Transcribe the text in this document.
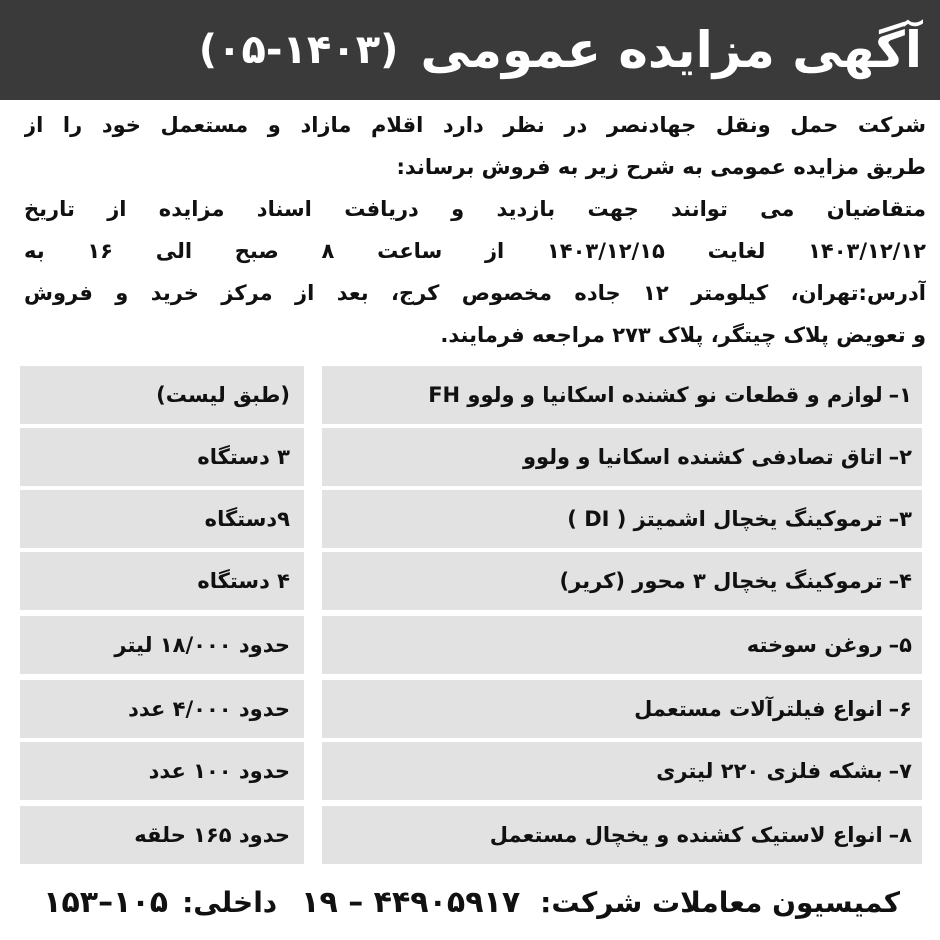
آگهی مزایده عمومی
(۰۵-۱۴۰۳)
شرکت حمل ونقل جهادنصر در نظر دارد اقلام مازاد و مستعمل خود را از
طریق مزایده عمومی به شرح زیر به فروش برساند:
متقاضیان می توانند جهت بازدید و دریافت اسناد مزایده از تاریخ
۱۴۰۳/۱۲/۱۲ لغایت ۱۴۰۳/۱۲/۱۵ از ساعت ۸ صبح الی ۱۶ به
آدرس:تهران، کیلومتر ۱۲ جاده مخصوص کرج، بعد از مرکز خرید و فروش
و تعویض پلاک چیتگر، پلاک ۲۷۳ مراجعه فرمایند.
۱–
لوازم و قطعات نو کشنده اسکانیا و ولوو FH
(طبق لیست)
۲–
اتاق تصادفی کشنده اسکانیا و ولوو
۳ دستگاه
۳–
ترموکینگ یخچال اشمیتز ( DI )
۹دستگاه
۴–
ترموکینگ یخچال ۳ محور (کریر)
۴ دستگاه
۵–
روغن سوخته
حدود ۱۸/۰۰۰ لیتر
۶–
انواع فیلترآلات مستعمل
حدود ۴/۰۰۰ عدد
۷–
بشکه فلزی ۲۲۰ لیتری
حدود ۱۰۰ عدد
۸–
انواع لاستیک کشنده و یخچال مستعمل
حدود ۱۶۵ حلقه
کمیسیون معاملات شرکت:
۱۹ – ۴۴۹۰۵۹۱۷
داخلی:
۱۵۳–۱۰۵
